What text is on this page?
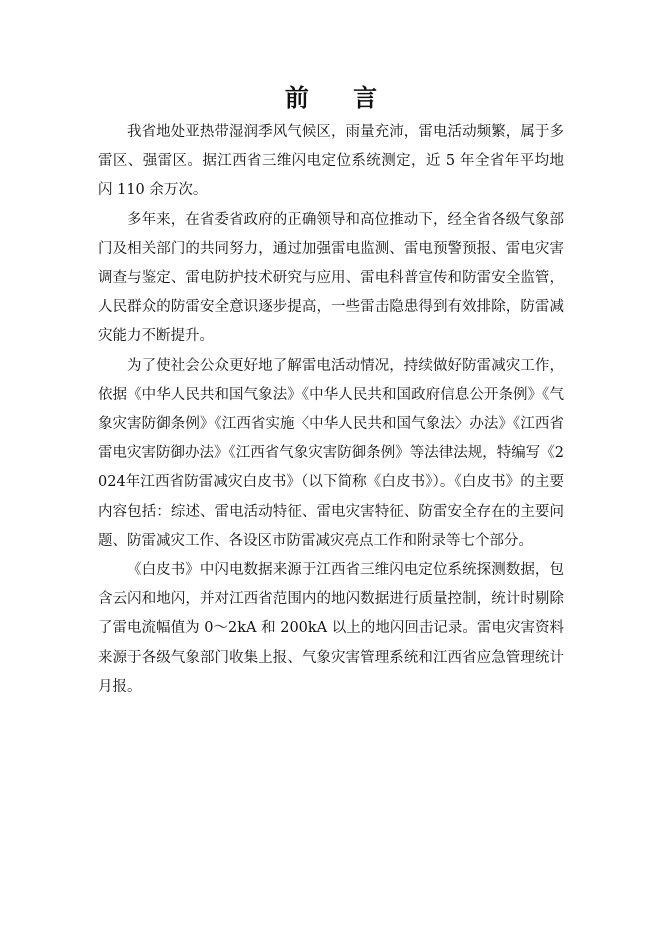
前 言

我省地处亚热带湿润季风气候区，雨量充沛，雷电活动频繁，属于多雷区、强雷区。据江西省三维闪电定位系统测定，近 5 年全省年平均地闪 110 余万次。

多年来，在省委省政府的正确领导和高位推动下，经全省各级气象部门及相关部门的共同努力，通过加强雷电监测、雷电预警预报、雷电灾害调查与鉴定、雷电防护技术研究与应用、雷电科普宣传和防雷安全监管，人民群众的防雷安全意识逐步提高，一些雷击隐患得到有效排除，防雷减灾能力不断提升。

为了使社会公众更好地了解雷电活动情况，持续做好防雷减灾工作，依据《中华人民共和国气象法》《中华人民共和国政府信息公开条例》《气象灾害防御条例》《江西省实施〈中华人民共和国气象法〉办法》《江西省雷电灾害防御办法》《江西省气象灾害防御条例》等法律法规，特编写《2024年江西省防雷减灾白皮书》（以下简称《白皮书》）。《白皮书》的主要内容包括：综述、雷电活动特征、雷电灾害特征、防雷安全存在的主要问题、防雷减灾工作、各设区市防雷减灾亮点工作和附录等七个部分。

《白皮书》中闪电数据来源于江西省三维闪电定位系统探测数据，包含云闪和地闪，并对江西省范围内的地闪数据进行质量控制，统计时剔除了雷电流幅值为 0～2kA 和 200kA 以上的地闪回击记录。雷电灾害资料来源于各级气象部门收集上报、气象灾害管理系统和江西省应急管理统计月报。
